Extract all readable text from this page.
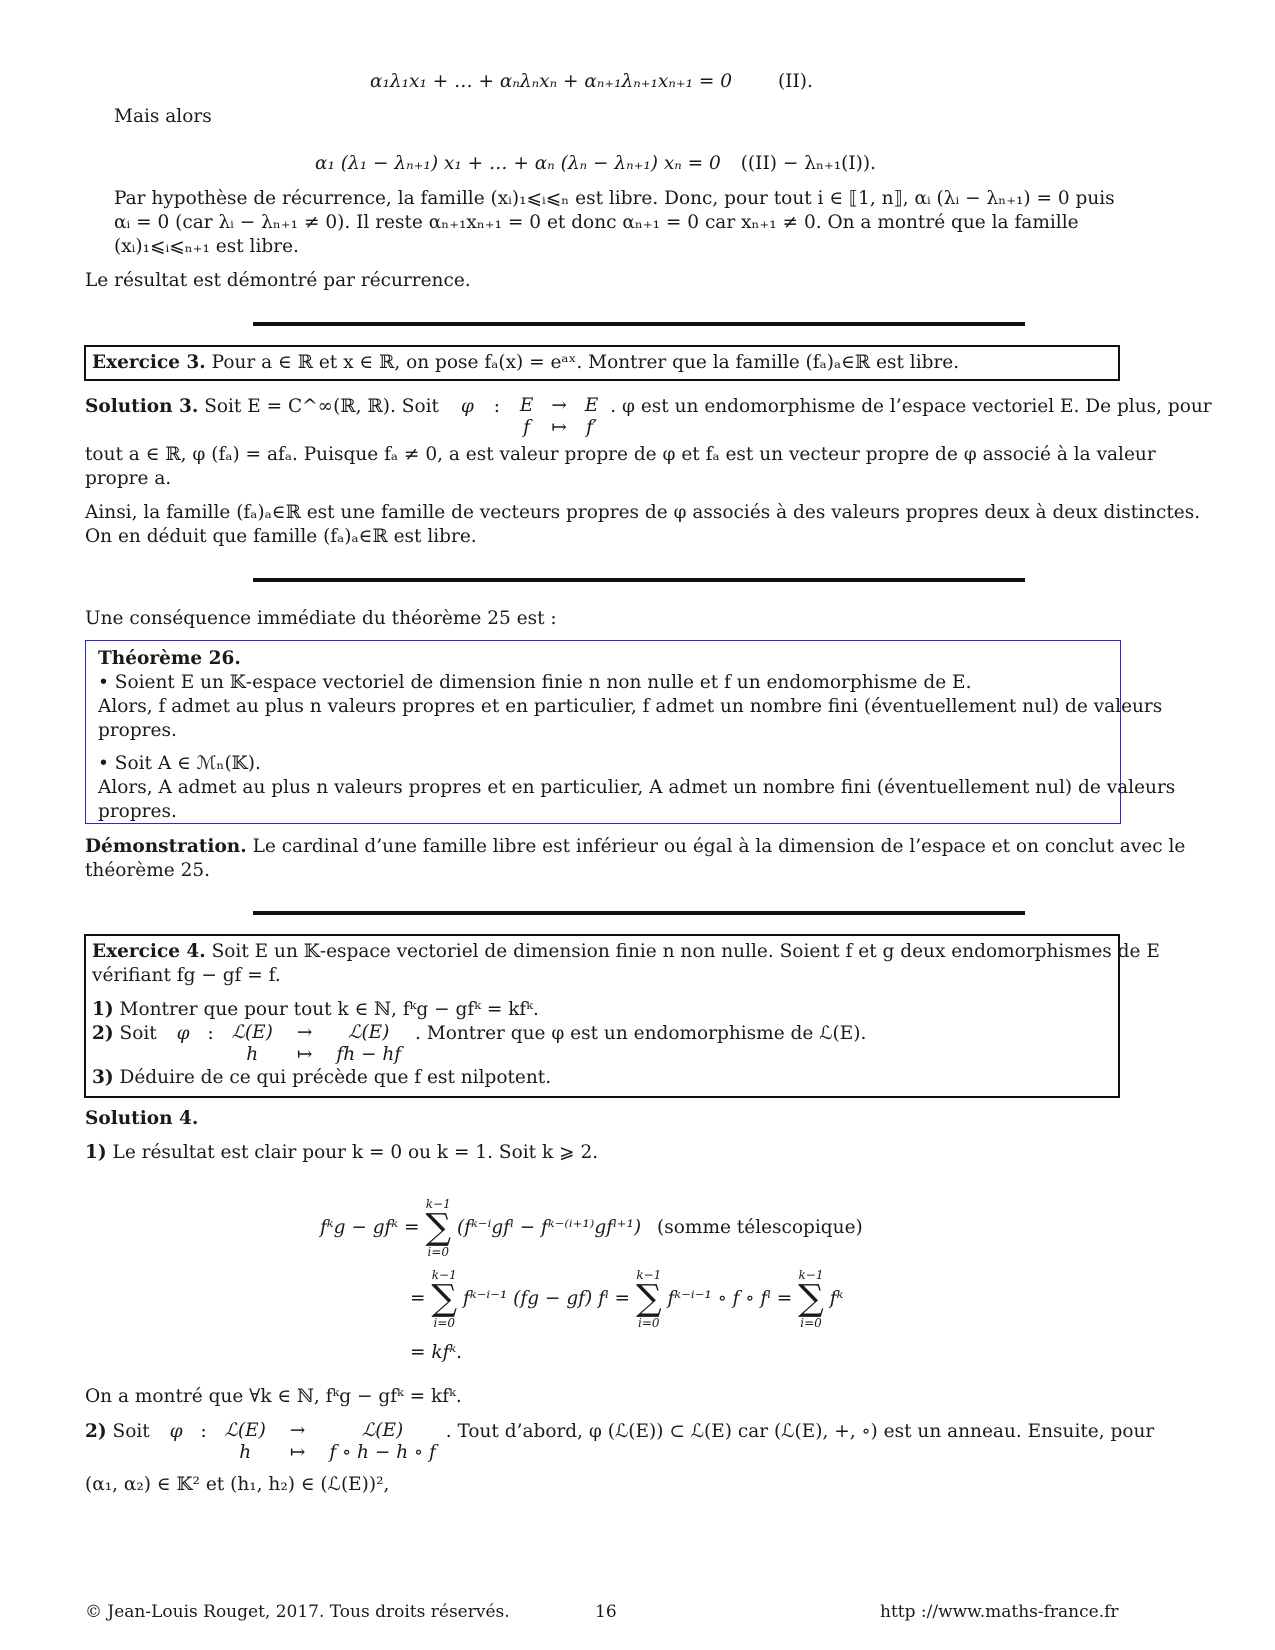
α₁λ₁x₁ + … + αₙλₙxₙ + αₙ₊₁λₙ₊₁xₙ₊₁ = 0 (II).
Mais alors
α₁ (λ₁ − λₙ₊₁) x₁ + … + αₙ (λₙ − λₙ₊₁) xₙ = 0 ((II) − λₙ₊₁(I)).
Par hypothèse de récurrence, la famille (xᵢ)₁⩽ᵢ⩽ₙ est libre. Donc, pour tout i ∈ ⟦1, n⟧, αᵢ (λᵢ − λₙ₊₁) = 0 puis
αᵢ = 0 (car λᵢ − λₙ₊₁ ≠ 0). Il reste αₙ₊₁xₙ₊₁ = 0 et donc αₙ₊₁ = 0 car xₙ₊₁ ≠ 0. On a montré que la famille
(xᵢ)₁⩽ᵢ⩽ₙ₊₁ est libre.
Le résultat est démontré par récurrence.
Exercice 3. Pour a ∈ ℝ et x ∈ ℝ, on pose fₐ(x) = eᵃˣ. Montrer que la famille (fₐ)ₐ∈ℝ est libre.
Solution 3. Soit E = C^∞(ℝ, ℝ). Soit φ : E → E
f ↦ f′
. φ est un endomorphisme de l’espace vectoriel E. De plus, pour
tout a ∈ ℝ, φ (fₐ) = afₐ. Puisque fₐ ≠ 0, a est valeur propre de φ et fₐ est un vecteur propre de φ associé à la valeur
propre a.
Ainsi, la famille (fₐ)ₐ∈ℝ est une famille de vecteurs propres de φ associés à des valeurs propres deux à deux distinctes.
On en déduit que famille (fₐ)ₐ∈ℝ est libre.
Une conséquence immédiate du théorème 25 est :
Théorème 26.
• Soient E un 𝕂-espace vectoriel de dimension finie n non nulle et f un endomorphisme de E.
Alors, f admet au plus n valeurs propres et en particulier, f admet un nombre fini (éventuellement nul) de valeurs
propres.
• Soit A ∈ ℳₙ(𝕂).
Alors, A admet au plus n valeurs propres et en particulier, A admet un nombre fini (éventuellement nul) de valeurs
propres.
Démonstration. Le cardinal d’une famille libre est inférieur ou égal à la dimension de l’espace et on conclut avec le
théorème 25.
Exercice 4. Soit E un 𝕂-espace vectoriel de dimension finie n non nulle. Soient f et g deux endomorphismes de E
vérifiant fg − gf = f.
1) Montrer que pour tout k ∈ ℕ, fᵏg − gfᵏ = kfᵏ.
2) Soit φ : ℒ(E) →	ℒ(E)
h	↦ fh − hf
. Montrer que φ est un endomorphisme de ℒ(E).
3) Déduire de ce qui précède que f est nilpotent.
Solution 4.
1) Le résultat est clair pour k = 0 ou k = 1. Soit k ⩾ 2.
fᵏg − gfᵏ =
k−1
∑
i=0
(fᵏ⁻ⁱgfⁱ − fᵏ⁻⁽ⁱ⁺¹⁾gfⁱ⁺¹) (somme télescopique)
=
k−1
∑
i=0
fᵏ⁻ⁱ⁻¹ (fg − gf) fⁱ =
k−1
∑
i=0
fᵏ⁻ⁱ⁻¹ ∘ f ∘ fⁱ =
k−1
∑
i=0
fᵏ
= kfᵏ.
On a montré que ∀k ∈ ℕ, fᵏg − gfᵏ = kfᵏ.
2) Soit φ : ℒ(E) →	ℒ(E)
h	↦ f ∘ h − h ∘ f
. Tout d’abord, φ (ℒ(E)) ⊂ ℒ(E) car (ℒ(E), +, ∘) est un anneau. Ensuite, pour
(α₁, α₂) ∈ 𝕂² et (h₁, h₂) ∈ (ℒ(E))²,
© Jean-Louis Rouget, 2017. Tous droits réservés.	16	http ://www.maths-france.fr
